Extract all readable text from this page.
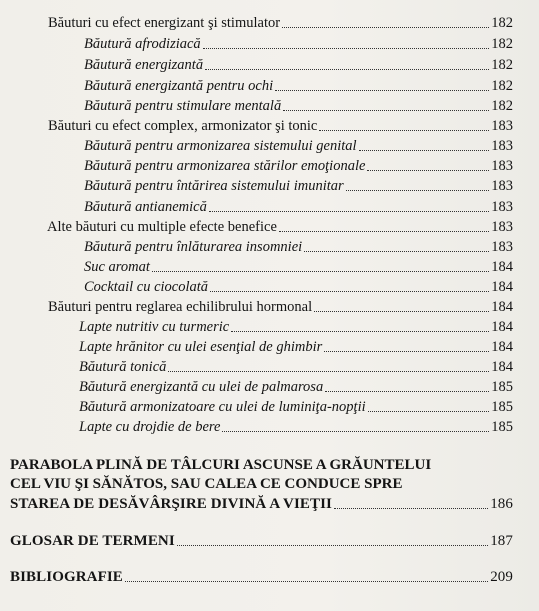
Băuturi cu efect energizant şi stimulator	182
Băutură afrodiziacă	182
Băutură energizantă	182
Băutură energizantă pentru ochi	182
Băutură pentru stimulare mentală	182
Băuturi cu efect complex, armonizator şi tonic	183
Băutură pentru armonizarea sistemului genital	183
Băutură pentru armonizarea stărilor emoţionale	183
Băutură pentru întărirea sistemului imunitar	183
Băutură antianemică	183
Alte băuturi cu multiple efecte benefice	183
Băutură pentru înlăturarea insomniei	183
Suc aromat	184
Cocktail cu ciocolată	184
Băuturi pentru reglarea echilibrului hormonal	184
Lapte nutritiv cu turmeric	184
Lapte hrănitor cu ulei esenţial de ghimbir	184
Băutură tonică	184
Băutură energizantă cu ulei de palmarosa	185
Băutură armonizatoare cu ulei de luminiţa-nopţii	185
Lapte cu drojdie de bere	185
PARABOLA PLINĂ DE TÂLCURI ASCUNSE A GRĂUNTELUI
CEL VIU ŞI SĂNĂTOS, SAU CALEA CE CONDUCE SPRE
STAREA DE DESĂVÂRŞIRE DIVINĂ A VIEŢII	186
GLOSAR DE TERMENI	187
BIBLIOGRAFIE	209
